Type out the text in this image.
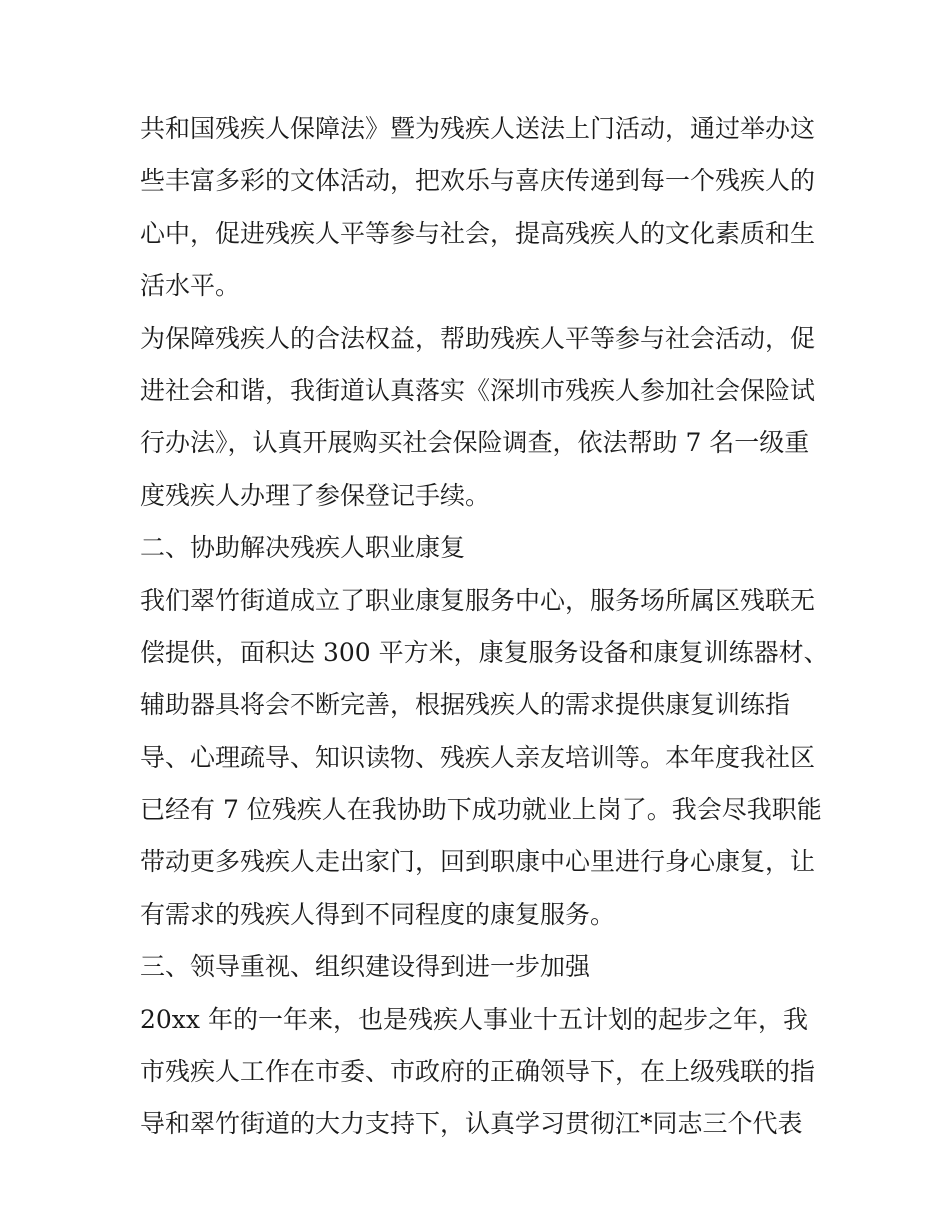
共和国残疾人保障法》暨为残疾人送法上门活动，通过举办这
些丰富多彩的文体活动，把欢乐与喜庆传递到每一个残疾人的
心中，促进残疾人平等参与社会，提高残疾人的文化素质和生
活水平。
为保障残疾人的合法权益，帮助残疾人平等参与社会活动，促
进社会和谐，我街道认真落实《深圳市残疾人参加社会保险试
行办法》，认真开展购买社会保险调查，依法帮助 7 名一级重
度残疾人办理了参保登记手续。
二、协助解决残疾人职业康复
我们翠竹街道成立了职业康复服务中心，服务场所属区残联无
偿提供，面积达 300 平方米，康复服务设备和康复训练器材、
辅助器具将会不断完善，根据残疾人的需求提供康复训练指
导、心理疏导、知识读物、残疾人亲友培训等。本年度我社区
已经有 7 位残疾人在我协助下成功就业上岗了。我会尽我职能
带动更多残疾人走出家门，回到职康中心里进行身心康复，让
有需求的残疾人得到不同程度的康复服务。
三、领导重视、组织建设得到进一步加强
20xx 年的一年来，也是残疾人事业十五计划的起步之年，我
市残疾人工作在市委、市政府的正确领导下，在上级残联的指
导和翠竹街道的大力支持下，认真学习贯彻江*同志三个代表
